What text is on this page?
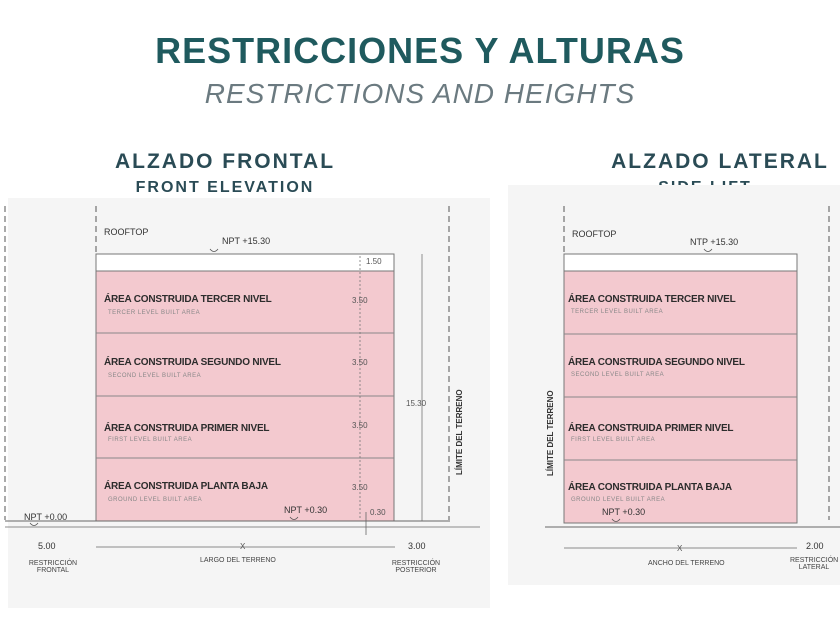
RESTRICCIONES Y ALTURAS
RESTRICTIONS AND HEIGHTS
ALZADO FRONTAL
FRONT ELEVATION
ALZADO LATERAL
ROOFTOP
NPT +15.30
1.50
ÁREA CONSTRUIDA TERCER NIVEL
TERCER LEVEL BUILT AREA
3.50
ÁREA CONSTRUIDA SEGUNDO NIVEL
SECOND LEVEL BUILT AREA
3.50
ÁREA CONSTRUIDA PRIMER NIVEL
FIRST LEVEL BUILT AREA
3.50
ÁREA CONSTRUIDA PLANTA BAJA
GROUND LEVEL BUILT AREA
3.50
15.30
NPT +0.00
NPT +0.30	0.30
LÍMITE DEL TERRENO
5.00	X	3.00
RESTRICCIÓN FRONTAL
LARGO DEL TERRENO	RESTRICCIÓN POSTERIOR
ROOFTOP
NTP +15.30
ÁREA CONSTRUIDA TERCER NIVEL
TERCER LEVEL BUILT AREA
ÁREA CONSTRUIDA SEGUNDO NIVEL
SECOND LEVEL BUILT AREA
ÁREA CONSTRUIDA PRIMER NIVEL
FIRST LEVEL BUILT AREA
ÁREA CONSTRUIDA PLANTA BAJA
GROUND LEVEL BUILT AREA
NPT +0.30
LÍMITE DEL TERRENO
X	2.00
ANCHO DEL TERRENO	RESTRICCIÓN LATERAL
